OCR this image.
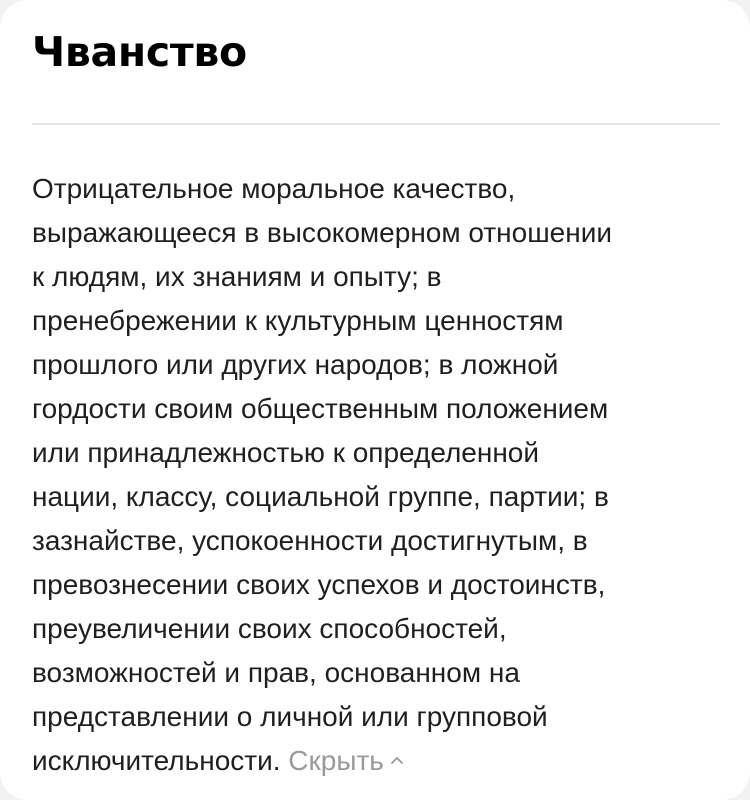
Чванство

Отрицательное моральное качество,
выражающееся в высокомерном отношении
к людям, их знаниям и опыту; в
пренебрежении к культурным ценностям
прошлого или других народов; в ложной
гордости своим общественным положением
или принадлежностью к определенной
нации, классу, социальной группе, партии; в
зазнайстве, успокоенности достигнутым, в
превознесении своих успехов и достоинств,
преувеличении своих способностей,
возможностей и прав, основанном на
представлении о личной или групповой
исключительности. Скрыть
